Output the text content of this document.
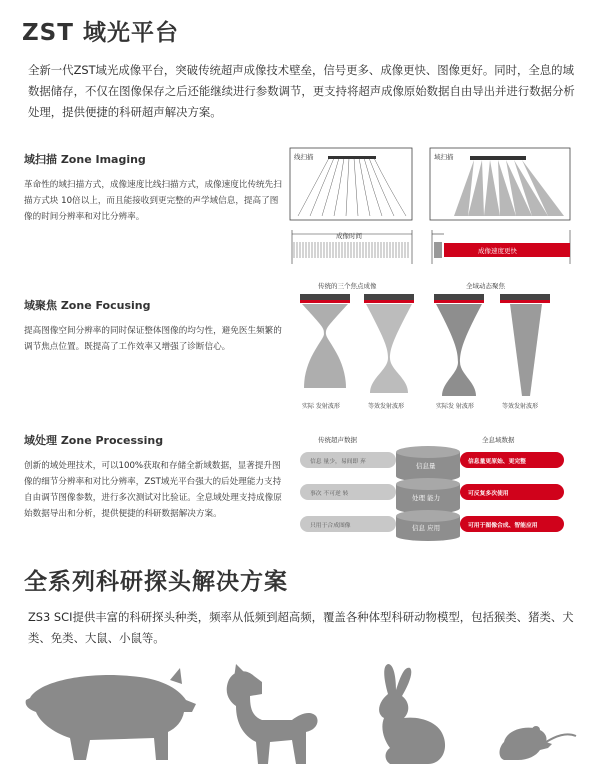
ZST 域光平台
全新一代ZST域光成像平台，突破传统超声成像技术壁垒，信号更多、成像更快、图像更好。同时，全息的域数据储存，不仅在图像保存之后还能继续进行参数调节，更支持将超声成像原始数据自由导出并进行数据分析处理，提供便捷的科研超声解决方案。
域扫描 Zone Imaging
革命性的域扫描方式，成像速度比线扫描方式，成像速度比传统先扫描方式块 10倍以上，而且能接收到更完整的声学域信息，提高了图像的时间分辨率和对比分辨率。
线扫描	域扫描
成像时间
成像速度更快
域聚焦 Zone Focusing
提高图像空间分辨率的同时保证整体图像的均匀性，避免医生频繁的调节焦点位置。既提高了工作效率又增强了诊断信心。
传统的三个焦点成像	全域动态聚焦
实际 发射波形	等效发射波形	实际发 射波形	等效发射波形
域处理 Zone Processing
创新的域处理技术，可以100%获取和存储全新域数据，显著提升图像的细节分辨率和对比分辨率，ZST域光平台强大的后处理能力支持自由调节图像参数，进行多次测试对比验证。全息域处理支持成像原始数据导出和分析，提供便捷的科研数据解决方案。
传统超声数据	全息域数据
信息 量少，易间即 弃
事次 不可逆 转
只用于合成图像
信息量
处理 能力
信息 应用
信息量更原始、更完整
可反复多次使用
可用于图像合成、智能应用
全系列科研探头解决方案
ZS3 SCI提供丰富的科研探头种类，频率从低频到超高频，覆盖各种体型科研动物模型，包括猴类、猪类、犬类、免类、大鼠、小鼠等。
